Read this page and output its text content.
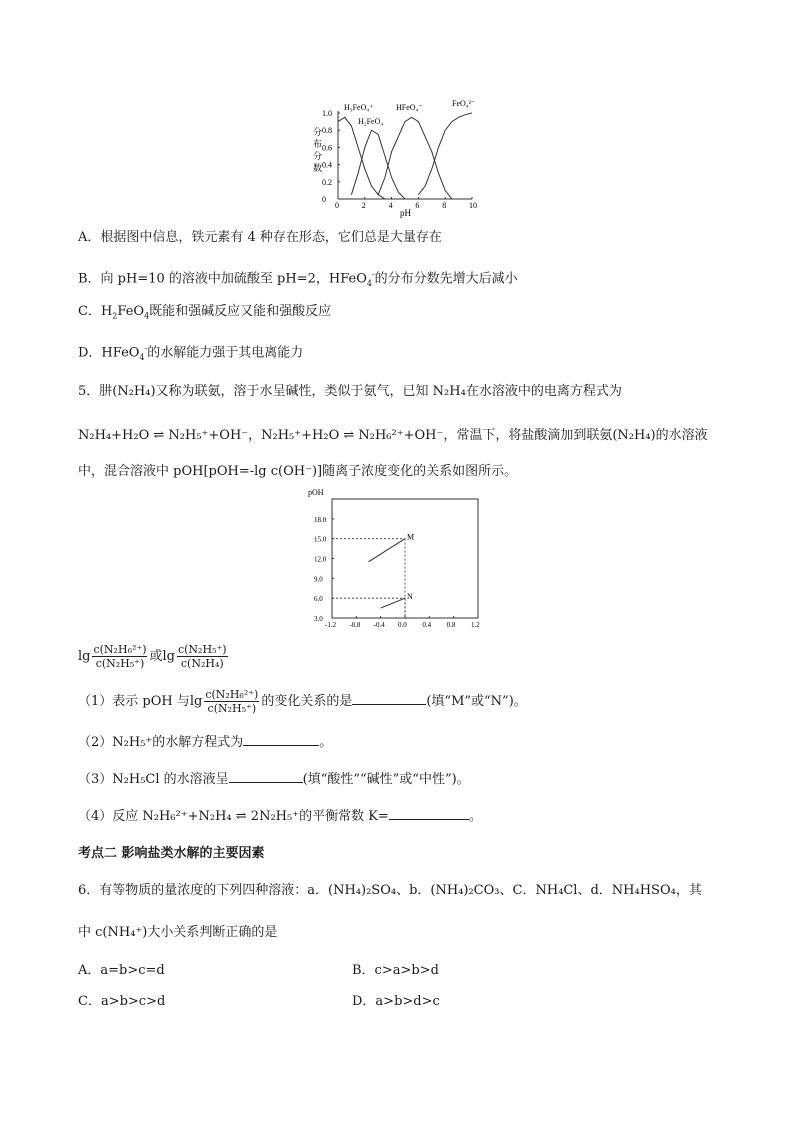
0	2	4	6	8	10
0
0.2
0.4
0.6
0.8
1.0
H₃FeO₄⁺
H₂FeO₄
HFeO₄⁻	FeO₄²⁻
分
布
分
数
pH
A．根据图中信息，铁元素有 4 种存在形态，它们总是大量存在
B．向 pH=10 的溶液中加硫酸至 pH=2，HFeO$_4$-的分布分数先增大后减小
C．$H_2FeO_4$既能和强碱反应又能和强酸反应
D．HFeO$_4$-的水解能力强于其电离能力
5．肼(N₂H₄)又称为联氨，溶于水呈碱性，类似于氨气，已知 N₂H₄在水溶液中的电离方程式为
N₂H₄+H₂O ⇌ N₂H₅⁺+OH⁻，N₂H₅⁺+H₂O ⇌ N₂H₆²⁺+OH⁻，常温下，将盐酸滴加到联氨(N₂H₄)的水溶液
中，混合溶液中 pOH[pOH=-lg c(OH⁻)]随离子浓度变化的关系如图所示。
-1.2 -0.8 -0.4 0.0 0.4 0.8 1.2
3.0
6.0
9.0
12.0
15.0
18.0
pOH
M
N
$\lg \frac{\text{c(N₂H₆²⁺)}}{\text{c(N₂H₅⁺)}}$ 或$\lg \frac{\text{c(N₂H₅⁺)}}{\text{c(N₂H₄)}}$
（1）表示 pOH 与$\lg \frac{\text{c(N₂H₆²⁺)}}{\text{c(N₂H₅⁺)}}$ 的变化关系的是	(填“M”或“N”)。
（2）N₂H₅⁺的水解方程式为	。
（3）N₂H₅Cl 的水溶液呈	(填“酸性”“碱性”或“中性”)。
（4）反应 N₂H₆²⁺+N₂H₄ ⇌ 2N₂H₅⁺的平衡常数 K=	。
考点二 影响盐类水解的主要因素
6．有等物质的量浓度的下列四种溶液：a．(NH₄)₂SO₄、b．(NH₄)₂CO₃、C．NH₄Cl、d．NH₄HSO₄，其
中 c(NH₄⁺)大小关系判断正确的是
A．a=b>c=d	B．c>a>b>d
C．a>b>c>d	D．a>b>d>c
